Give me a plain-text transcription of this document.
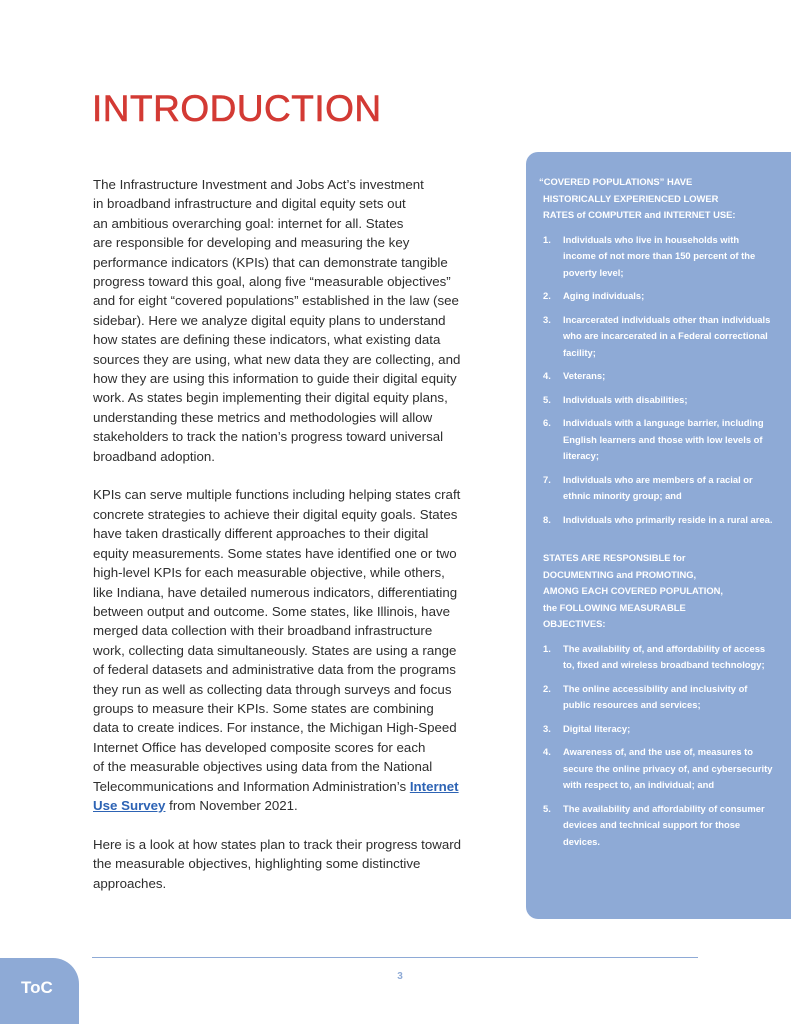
INTRODUCTION

The Infrastructure Investment and Jobs Act’s investment
in broadband infrastructure and digital equity sets out
an ambitious overarching goal: internet for all. States
are responsible for developing and measuring the key
performance indicators (KPIs) that can demonstrate tangible
progress toward this goal, along five “measurable objectives”
and for eight “covered populations” established in the law (see
sidebar). Here we analyze digital equity plans to understand
how states are defining these indicators, what existing data
sources they are using, what new data they are collecting, and
how they are using this information to guide their digital equity
work. As states begin implementing their digital equity plans,
understanding these metrics and methodologies will allow
stakeholders to track the nation’s progress toward universal
broadband adoption.

KPIs can serve multiple functions including helping states craft
concrete strategies to achieve their digital equity goals. States
have taken drastically different approaches to their digital
equity measurements. Some states have identified one or two
high-level KPIs for each measurable objective, while others,
like Indiana, have detailed numerous indicators, differentiating
between output and outcome. Some states, like Illinois, have
merged data collection with their broadband infrastructure
work, collecting data simultaneously. States are using a range
of federal datasets and administrative data from the programs
they run as well as collecting data through surveys and focus
groups to measure their KPIs. Some states are combining
data to create indices. For instance, the Michigan High-Speed
Internet Office has developed composite scores for each
of the measurable objectives using data from the National
Telecommunications and Information Administration’s Internet
Use Survey from November 2021.

Here is a look at how states plan to track their progress toward
the measurable objectives, highlighting some distinctive
approaches.

“COVERED POPULATIONS” HAVE
HISTORICALLY EXPERIENCED LOWER
RATES of COMPUTER and INTERNET USE:
1.	Individuals who live in households with income of not more than 150 percent of the poverty level;
2.	Aging individuals;
3.	Incarcerated individuals other than individuals who are incarcerated in a Federal correctional facility;
4.	Veterans;
5.	Individuals with disabilities;
6.	Individuals with a language barrier, including English learners and those with low levels of literacy;
7.	Individuals who are members of a racial or ethnic minority group; and
8.	Individuals who primarily reside in a rural area.
STATES ARE RESPONSIBLE for
DOCUMENTING and PROMOTING,
AMONG EACH COVERED POPULATION,
the FOLLOWING MEASURABLE
OBJECTIVES:
1.	The availability of, and affordability of access to, fixed and wireless broadband technology;
2.	The online accessibility and inclusivity of public resources and services;
3.	Digital literacy;
4.	Awareness of, and the use of, measures to secure the online privacy of, and cybersecurity with respect to, an individual; and
5.	The availability and affordability of consumer devices and technical support for those devices.
3
ToC
